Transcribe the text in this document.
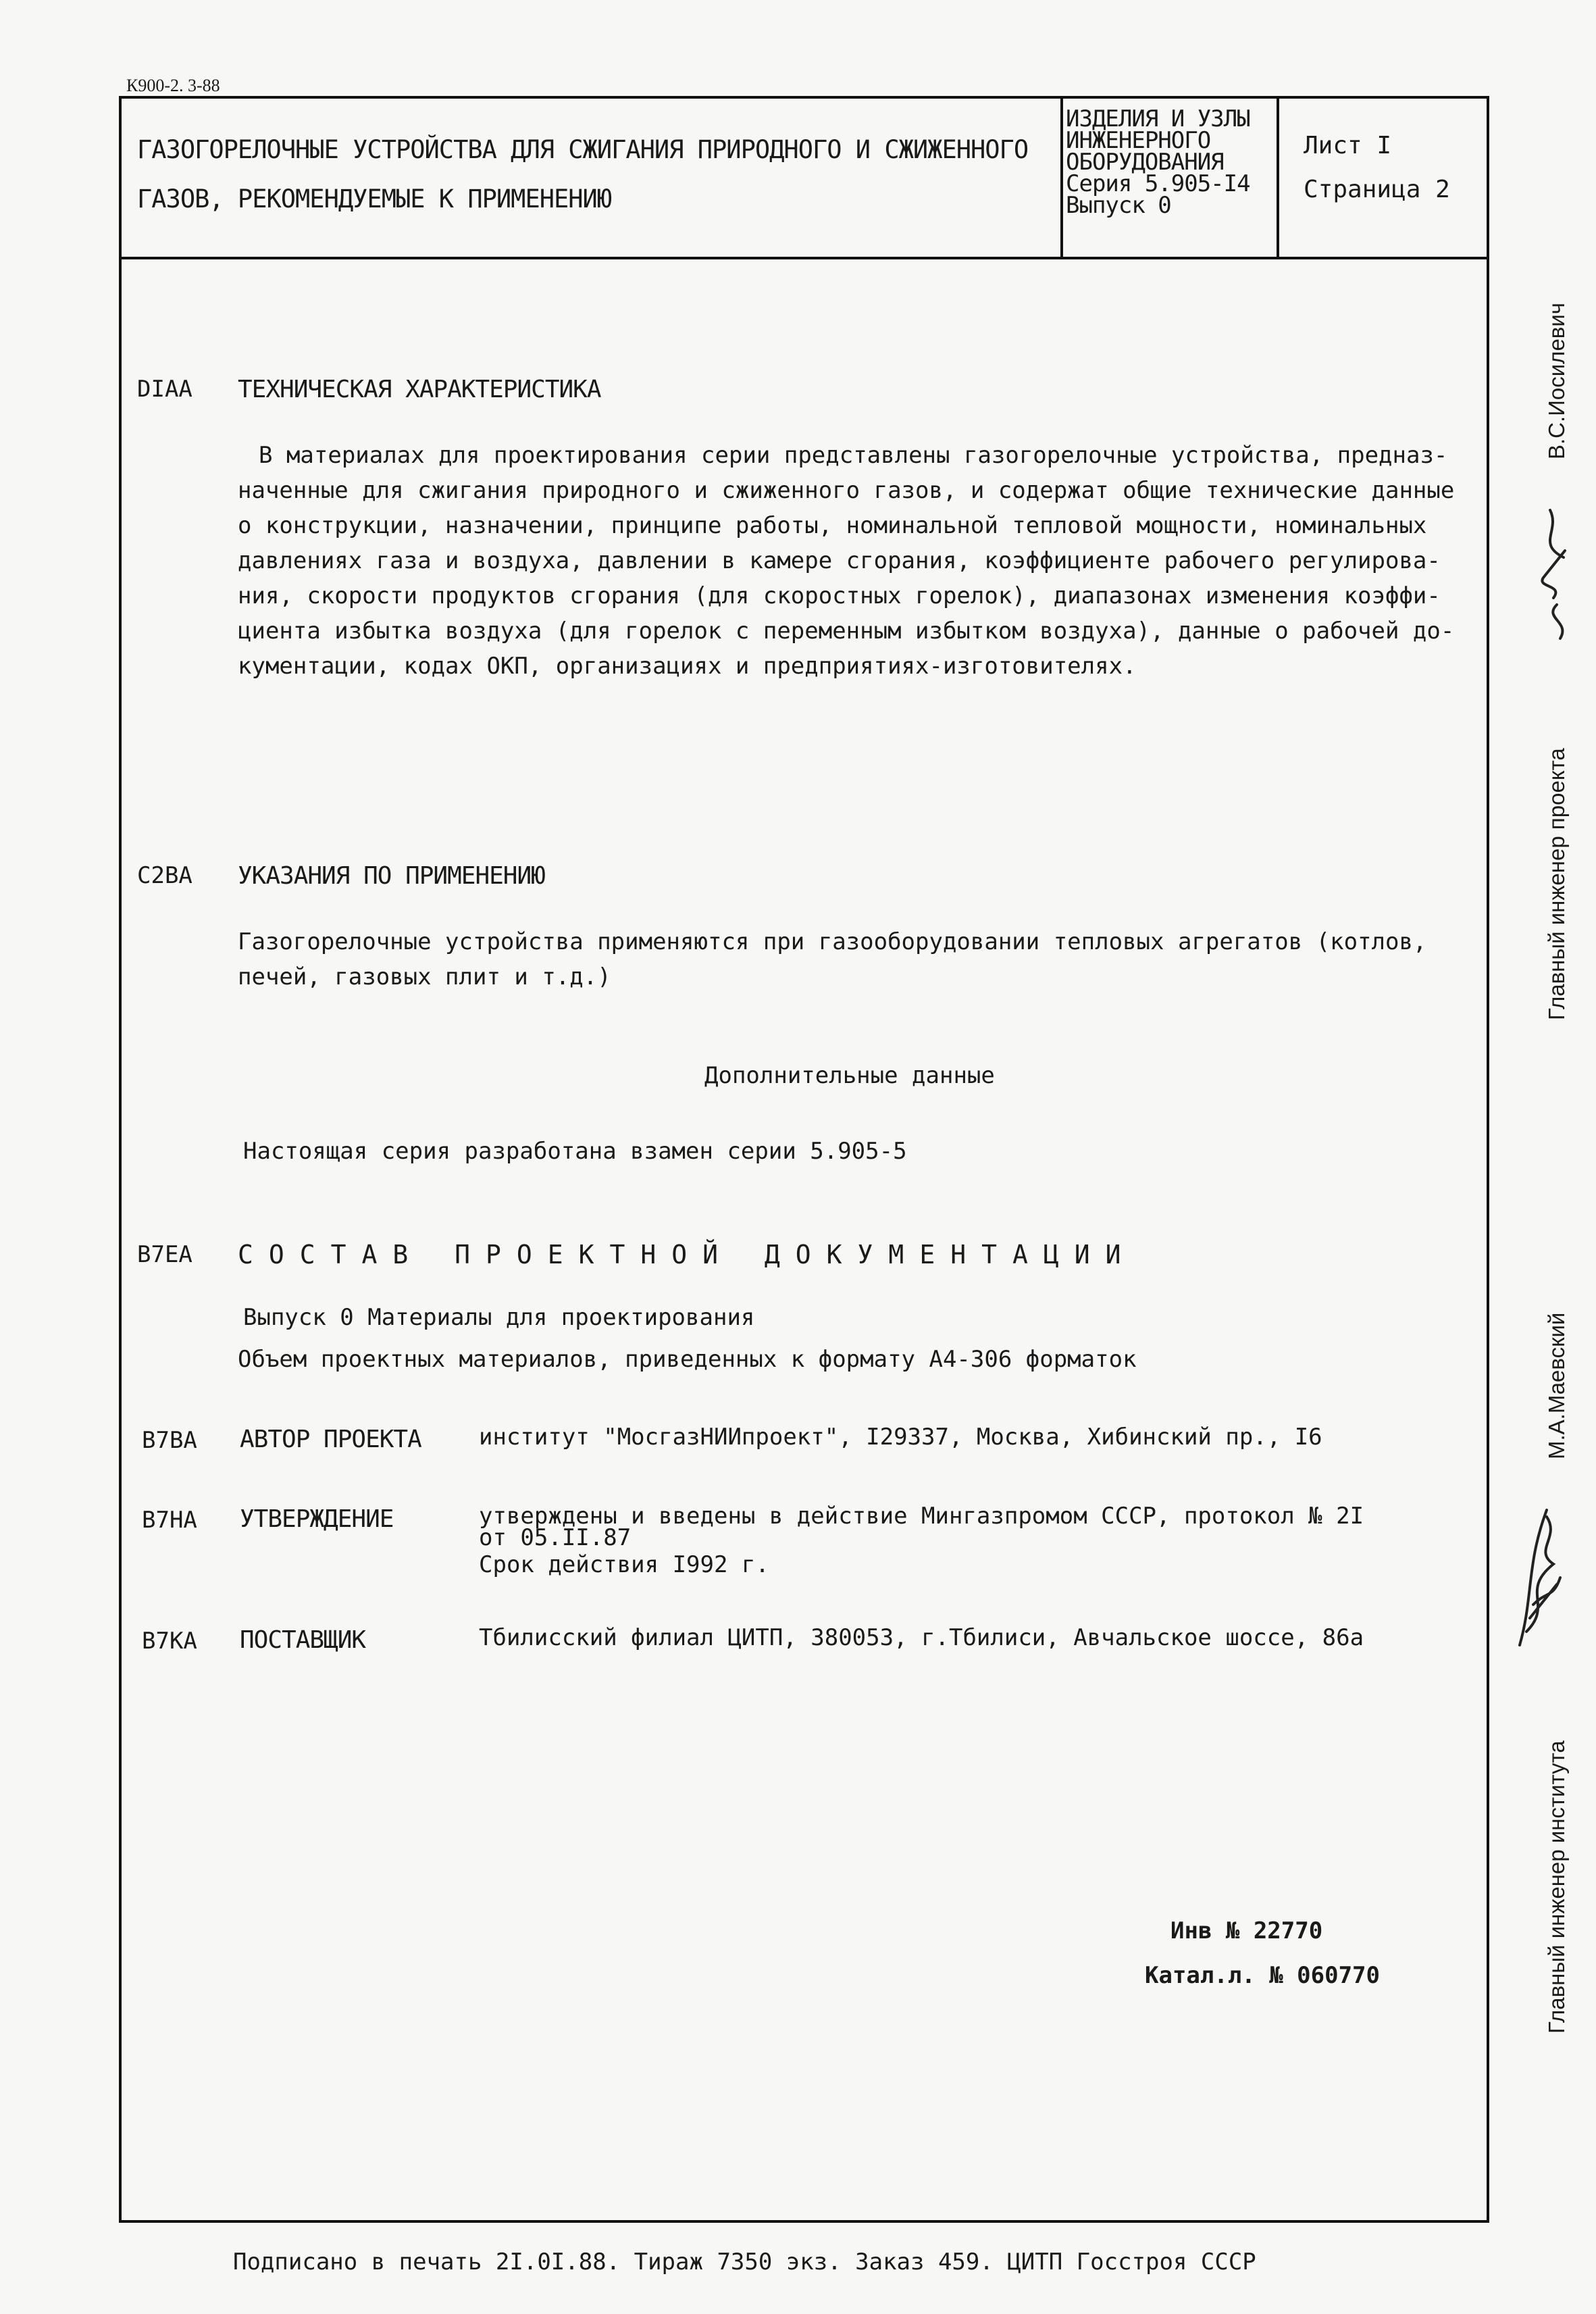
К900-2. 3-88
ГАЗОГОРЕЛОЧНЫЕ УСТРОЙСТВА ДЛЯ СЖИГАНИЯ ПРИРОДНОГО И СЖИЖЕННОГО
ГАЗОВ, РЕКОМЕНДУЕМЫЕ К ПРИМЕНЕНИЮ
ИЗДЕЛИЯ И УЗЛЫ
ИНЖЕНЕРНОГО
ОБОРУДОВАНИЯ
Серия 5.905-I4
Выпуск 0
Лист I
Страница 2
DIAA ТЕХНИЧЕСКАЯ ХАРАКТЕРИСТИКА
В материалах для проектирования серии представлены газогорелочные устройства, предназ-
наченные для сжигания природного и сжиженного газов, и содержат общие технические данные
о конструкции, назначении, принципе работы, номинальной тепловой мощности, номинальных
давлениях газа и воздуха, давлении в камере сгорания, коэффициенте рабочего регулирова-
ния, скорости продуктов сгорания (для скоростных горелок), диапазонах изменения коэффи-
циента избытка воздуха (для горелок с переменным избытком воздуха), данные о рабочей до-
кументации, кодах ОКП, организациях и предприятиях-изготовителях.
C2BA УКАЗАНИЯ ПО ПРИМЕНЕНИЮ
Газогорелочные устройства применяются при газооборудовании тепловых агрегатов (котлов,
печей, газовых плит и т.д.)
Дополнительные данные
Настоящая серия разработана взамен серии 5.905-5
B7EA СОСТАВ ПРОЕКТНОЙ ДОКУМЕНТАЦИИ
Выпуск 0 Материалы для проектирования
Объем проектных материалов, приведенных к формату А4-306 форматок
B7BA АВТОР ПРОЕКТА	институт "МосгазНИИпроект", I29337, Москва, Хибинский пр., I6
B7HA УТВЕРЖДЕНИЕ	утверждены и введены в действие Мингазпромом СССР, протокол № 2I
от 05.II.87
Срок действия I992 г.
B7KA ПОСТАВЩИК	Тбилисский филиал ЦИТП, 380053, г.Тбилиси, Авчальское шоссе, 86а
Инв № 22770
Катал.л. № 060770
В.С.Иосилевич
Главный инженер проекта
М.А.Маевский
Главный инженер института
Подписано в печать 2I.0I.88. Тираж 7350 экз. Заказ 459. ЦИТП Госстроя СССР
